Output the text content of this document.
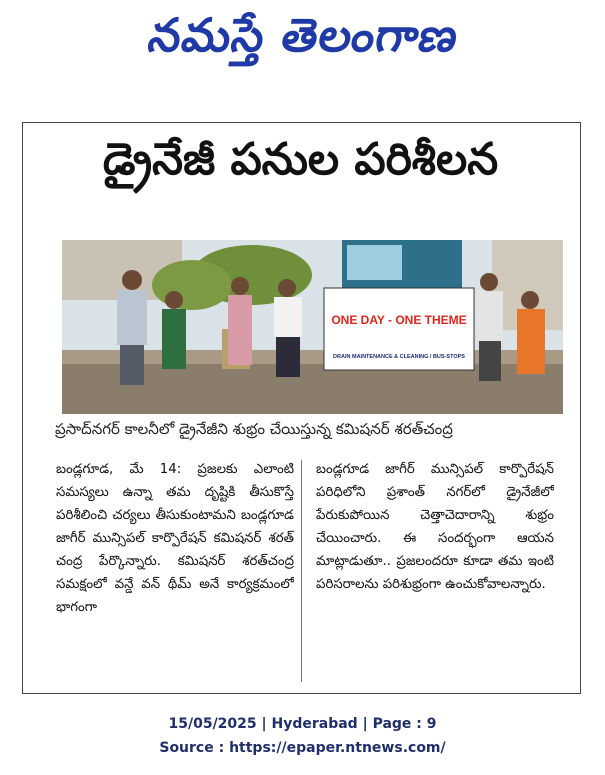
నమస్తే తెలంగాణ
డ్రైనేజీ పనుల పరిశీలన
ONE DAY - ONE THEME
DRAIN MAINTENANCE & CLEANING / BUS-STOPS
ప్రసాద్‌నగర్ కాలనీలో డ్రైనేజీని శుభ్రం చేయిస్తున్న కమిషనర్ శరత్‌చంద్ర
బండ్లగూడ, మే 14: ప్రజలకు ఎలాంటి సమస్యలు ఉన్నా తమ దృష్టికి తీసుకొస్తే పరిశీలించి చర్యలు తీసుకుంటామని బండ్లగూడ జాగీర్ మున్సిపల్ కార్పొరేషన్ కమిషనర్ శరత్ చంద్ర పేర్కొన్నారు. కమిషనర్ శరత్‌చంద్ర సమక్షంలో వన్డే వన్ థీమ్ అనే కార్యక్రమంలో భాగంగా
బండ్లగూడ జాగీర్ మున్సిపల్ కార్పొరేషన్ పరిధిలోని ప్రశాంత్ నగర్‌లో డ్రైనేజీలో పేరుకుపోయిన చెత్తాచెదారాన్ని శుభ్రం చేయించారు. ఈ సందర్భంగా ఆయన మాట్లాడుతూ.. ప్రజలందరూ కూడా తమ ఇంటి పరిసరాలను పరిశుభ్రంగా ఉంచుకోవాలన్నారు.
15/05/2025 | Hyderabad | Page : 9
Source : https://epaper.ntnews.com/
